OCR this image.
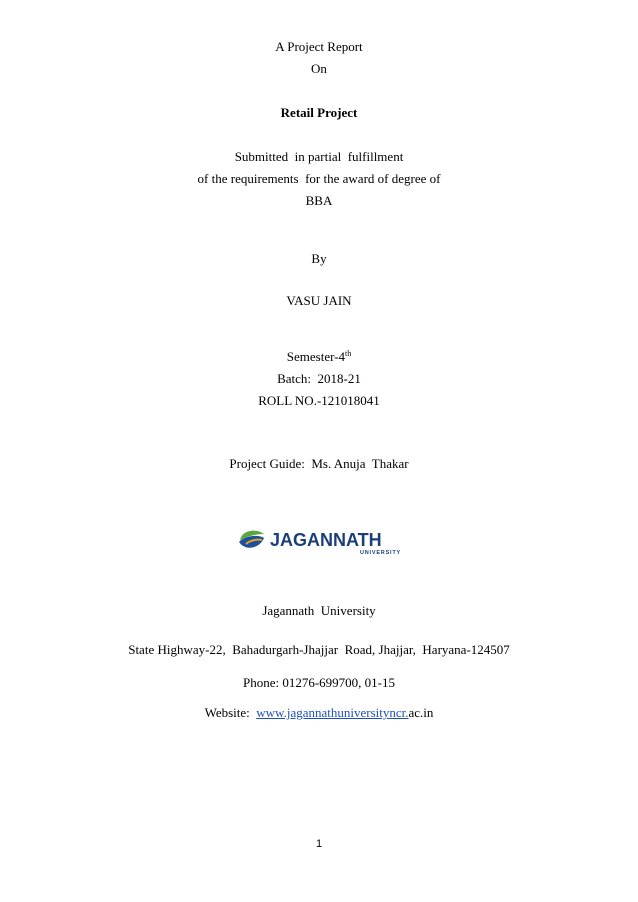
A Project Report
On
Retail Project
Submitted  in partial  fulfillment
of the requirements  for the award of degree of
BBA
By
VASU JAIN
Semester-4th
Batch:  2018-21
ROLL NO.-121018041
Project Guide:  Ms. Anuja  Thakar
JAGANNATH
UNIVERSITY
Jagannath  University
State Highway-22,  Bahadurgarh-Jhajjar  Road, Jhajjar,  Haryana-124507
Phone: 01276-699700, 01-15
Website:  www.jagannathuniversityncr.ac.in
1
